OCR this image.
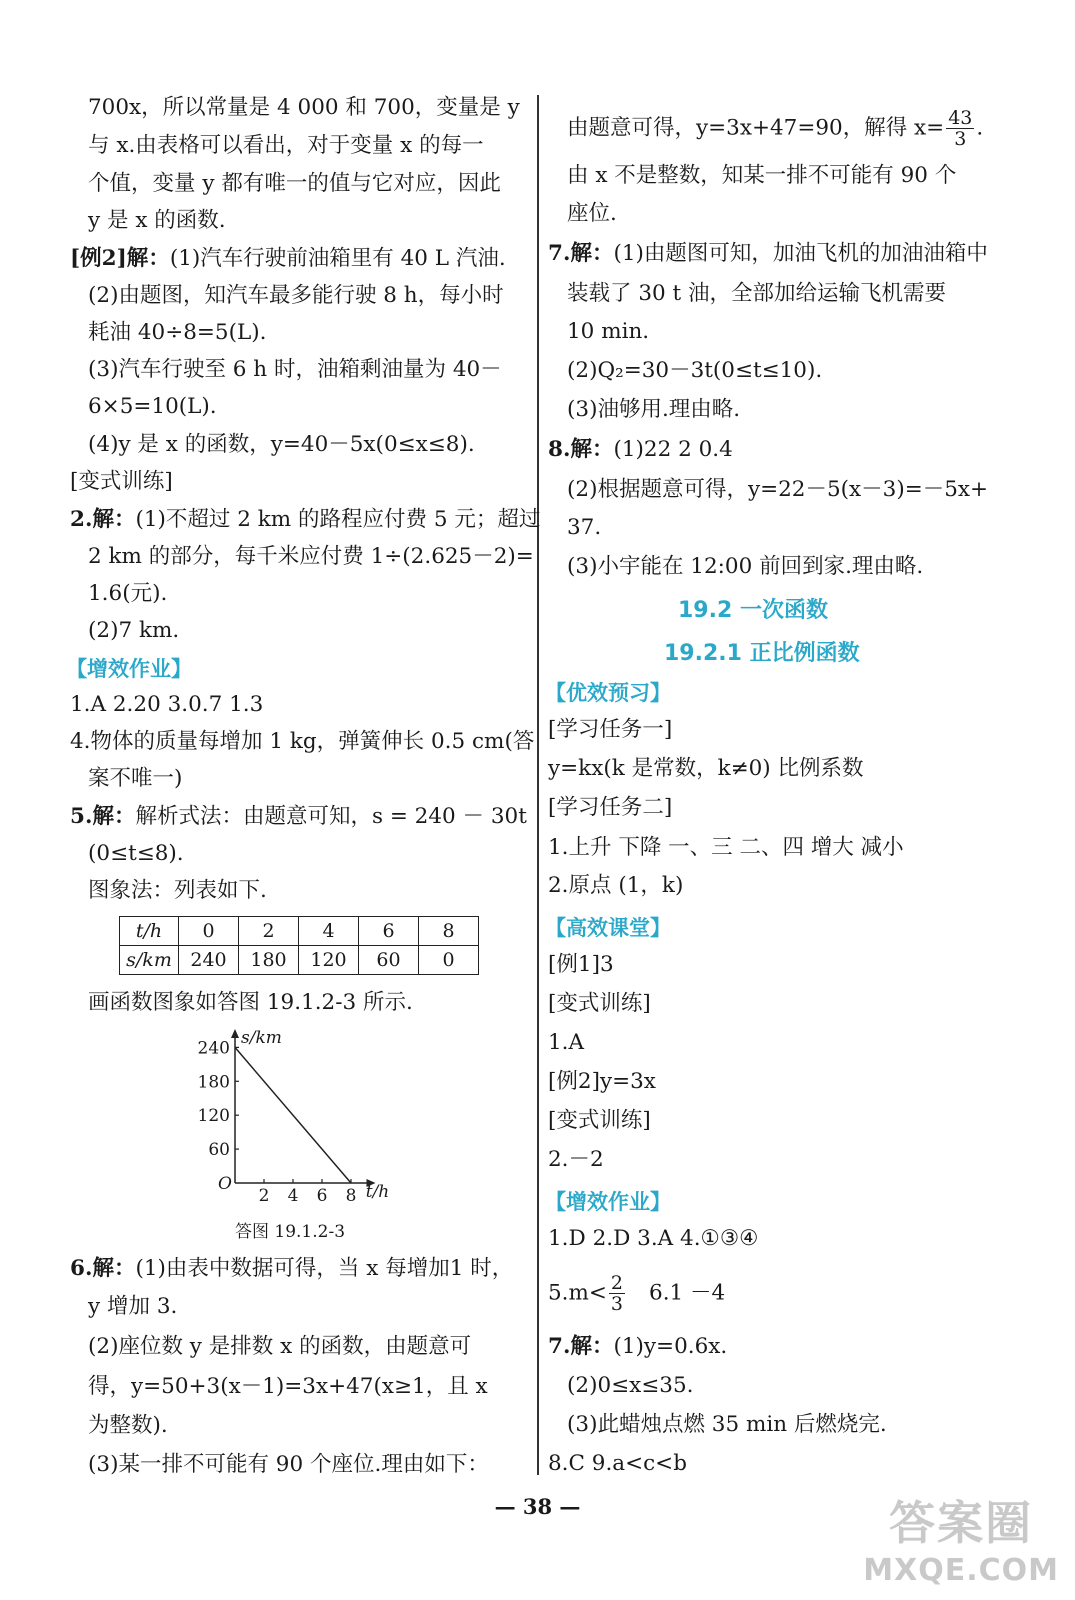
700x，所以常量是 4 000 和 700，变量是 y
与 x.由表格可以看出，对于变量 x 的每一
个值，变量 y 都有唯一的值与它对应，因此
y 是 x 的函数.
[例2]解：(1)汽车行驶前油箱里有 40 L 汽油.
(2)由题图，知汽车最多能行驶 8 h，每小时
耗油 40÷8=5(L).
(3)汽车行驶至 6 h 时，油箱剩油量为 40－
6×5=10(L).
(4)y 是 x 的函数，y=40－5x(0≤x≤8).
[变式训练]
2.解：(1)不超过 2 km 的路程应付费 5 元；超过
2 km 的部分，每千米应付费 1÷(2.625－2)=
1.6(元).
(2)7 km.
【增效作业】
1.A 2.20 3.0.7 1.3
4.物体的质量每增加 1 kg，弹簧伸长 0.5 cm(答
案不唯一)
5.解：解析式法：由题意可知，s = 240 － 30t
(0≤t≤8).
图象法：列表如下.
t/h	0	2	4	6	8
s/km	240	180	120	60	0
画函数图象如答图 19.1.2-3 所示.
s/km
t/h
O
2 4 6 8
240
180
120
60
答图 19.1.2-3
6.解：(1)由表中数据可得，当 x 每增加1 时，
y 增加 3.
(2)座位数 y 是排数 x 的函数，由题意可
得，y=50+3(x－1)=3x+47(x≥1，且 x
为整数).
(3)某一排不可能有 90 个座位.理由如下：
由题意可得，y=3x+47=90，解得 $x= \frac{43}{3}$ .
由 x 不是整数，知某一排不可能有 90 个
座位.
7.解：(1)由题图可知，加油飞机的加油油箱中
装载了 30 t 油，全部加给运输飞机需要
10 min.
(2)Q₂=30－3t(0≤t≤10).
(3)油够用.理由略.
8.解：(1)22 2 0.4
(2)根据题意可得，y=22－5(x－3)=－5x+
37.
(3)小宇能在 12:00 前回到家.理由略.
19.2 一次函数
19.2.1 正比例函数
【优效预习】
[学习任务一]
y=kx(k 是常数，k≠0) 比例系数
[学习任务二]
1.上升 下降 一、三 二、四 增大 减小
2.原点 (1，k)
【高效课堂】
[例1]3
[变式训练]
1.A
[例2]y=3x
[变式训练]
2.－2
【增效作业】
1.D 2.D 3.A 4.①③④
$5.m< \frac{2}{3} 6.1 -4$
7.解：(1)y=0.6x.
(2)0≤x≤35.
(3)此蜡烛点燃 35 min 后燃烧完.
8.C 9.a<c<b
— 38 —	答案圈
MXQE.COM
